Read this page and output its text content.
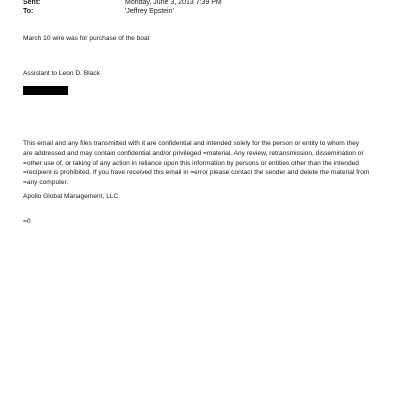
Sent:	Monday, June 3, 2013 7:39 PM
To:	'Jeffrey Epstein'
March 10 wire was for purchase of the boat
Assistant to Leon D. Black
This email and any files transmitted with it are confidential and intended solely for the person or entity to whom they
are addressed and may contain confidential and/or privileged =material. Any review, retransmission, dissemination or
=other use of, or taking of any action in reliance upon this information by persons or entities other than the intended
=recipient is prohibited. If you have received this email in =error please contact the sender and delete the material from
=any computer.
Apollo Global Management, LLC
=0
